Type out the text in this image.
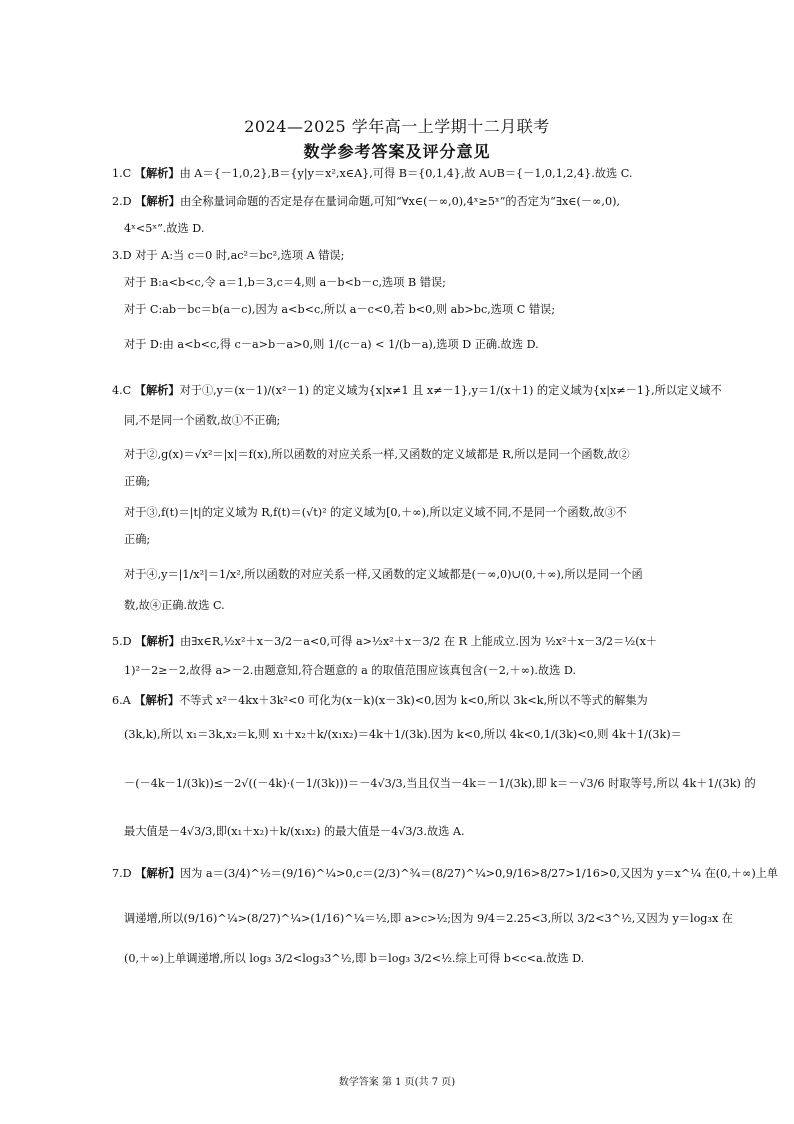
2024—2025 学年高一上学期十二月联考
数学参考答案及评分意见
1.C 【解析】由 A＝{－1,0,2},B＝{y|y＝x²,x∈A},可得 B＝{0,1,4},故 A∪B＝{－1,0,1,2,4}.故选 C.
2.D 【解析】由全称量词命题的否定是存在量词命题,可知“∀x∈(－∞,0),4ˣ≥5ˣ”的否定为“∃x∈(－∞,0),
4ˣ<5ˣ”.故选 D.
3.D 对于 A:当 c＝0 时,ac²＝bc²,选项 A 错误;
对于 B:a<b<c,令 a＝1,b＝3,c＝4,则 a－b<b－c,选项 B 错误;
对于 C:ab－bc＝b(a－c),因为 a<b<c,所以 a－c<0,若 b<0,则 ab>bc,选项 C 错误;
对于 D:由 a<b<c,得 c－a>b－a>0,则 1/(c－a) < 1/(b－a),选项 D 正确.故选 D.
4.C 【解析】对于①,y＝(x－1)/(x²－1) 的定义域为{x|x≠1 且 x≠－1},y＝1/(x＋1) 的定义域为{x|x≠－1},所以定义域不
同,不是同一个函数,故①不正确;
对于②,g(x)＝√x²＝|x|＝f(x),所以函数的对应关系一样,又函数的定义域都是 R,所以是同一个函数,故②
正确;
对于③,f(t)＝|t|的定义域为 R,f(t)＝(√t)² 的定义域为[0,＋∞),所以定义域不同,不是同一个函数,故③不
正确;
对于④,y＝|1/x²|＝1/x²,所以函数的对应关系一样,又函数的定义域都是(－∞,0)∪(0,＋∞),所以是同一个函
数,故④正确.故选 C.
5.D 【解析】由∃x∈R,½x²＋x－3/2－a<0,可得 a>½x²＋x－3/2 在 R 上能成立.因为 ½x²＋x－3/2＝½(x＋
1)²－2≥－2,故得 a>－2.由题意知,符合题意的 a 的取值范围应该真包含(－2,＋∞).故选 D.
6.A 【解析】不等式 x²－4kx＋3k²<0 可化为(x－k)(x－3k)<0,因为 k<0,所以 3k<k,所以不等式的解集为
(3k,k),所以 x₁＝3k,x₂＝k,则 x₁＋x₂＋k/(x₁x₂)＝4k＋1/(3k).因为 k<0,所以 4k<0,1/(3k)<0,则 4k＋1/(3k)＝
－(－4k－1/(3k))≤－2√((－4k)·(－1/(3k)))＝－4√3/3,当且仅当－4k＝－1/(3k),即 k＝－√3/6 时取等号,所以 4k＋1/(3k) 的
最大值是－4√3/3,即(x₁＋x₂)＋k/(x₁x₂) 的最大值是－4√3/3.故选 A.
7.D 【解析】因为 a＝(3/4)^½＝(9/16)^¼>0,c＝(2/3)^¾＝(8/27)^¼>0,9/16>8/27>1/16>0,又因为 y＝x^¼ 在(0,＋∞)上单
调递增,所以(9/16)^¼>(8/27)^¼>(1/16)^¼＝½,即 a>c>½;因为 9/4＝2.25<3,所以 3/2<3^½,又因为 y＝log₃x 在
(0,＋∞)上单调递增,所以 log₃ 3/2<log₃3^½,即 b＝log₃ 3/2<½.综上可得 b<c<a.故选 D.
数学答案 第 1 页(共 7 页)
